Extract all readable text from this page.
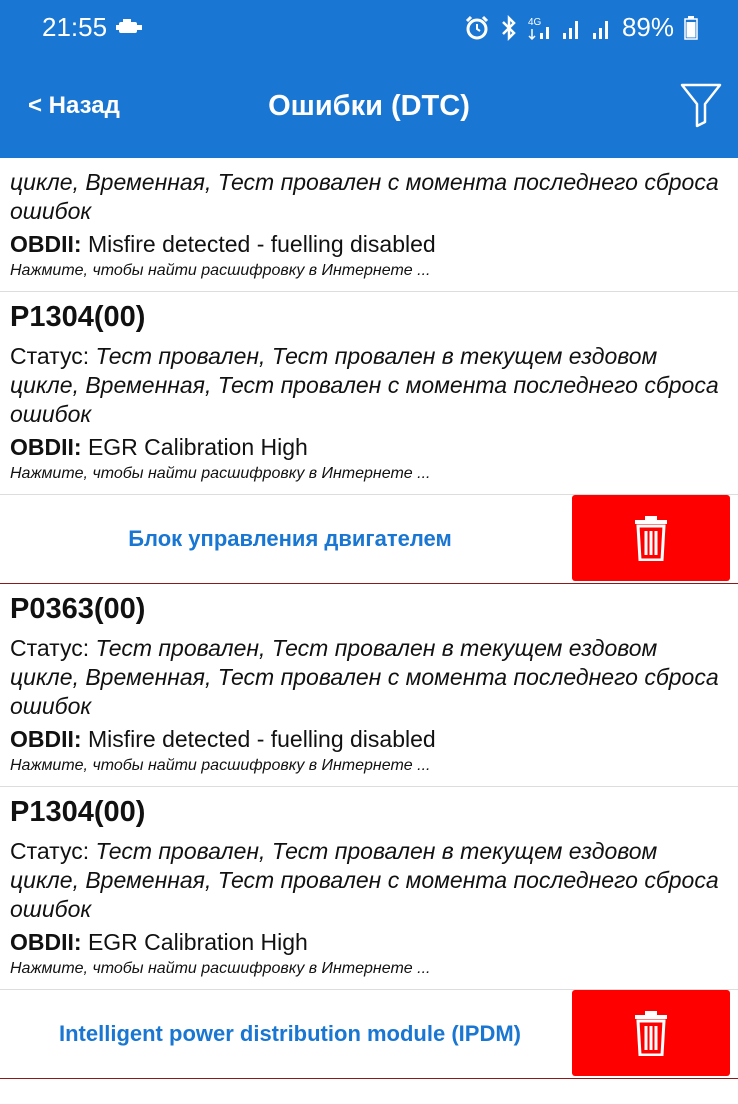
21:55	4G	89%
< Назад	Ошибки (DTC)
цикле, Временная, Тест провален с момента последнего сброса ошибок
OBDII: Misfire detected - fuelling disabled
Нажмите, чтобы найти расшифровку в Интернете ...
P1304(00)
Статус: Тест провален, Тест провален в текущем ездовом цикле, Временная, Тест провален с момента последнего сброса ошибок
OBDII: EGR Calibration High
Нажмите, чтобы найти расшифровку в Интернете ...
Блок управления двигателем
P0363(00)
Статус: Тест провален, Тест провален в текущем ездовом цикле, Временная, Тест провален с момента последнего сброса ошибок
OBDII: Misfire detected - fuelling disabled
Нажмите, чтобы найти расшифровку в Интернете ...
P1304(00)
Статус: Тест провален, Тест провален в текущем ездовом цикле, Временная, Тест провален с момента последнего сброса ошибок
OBDII: EGR Calibration High
Нажмите, чтобы найти расшифровку в Интернете ...
Intelligent power distribution module (IPDM)
